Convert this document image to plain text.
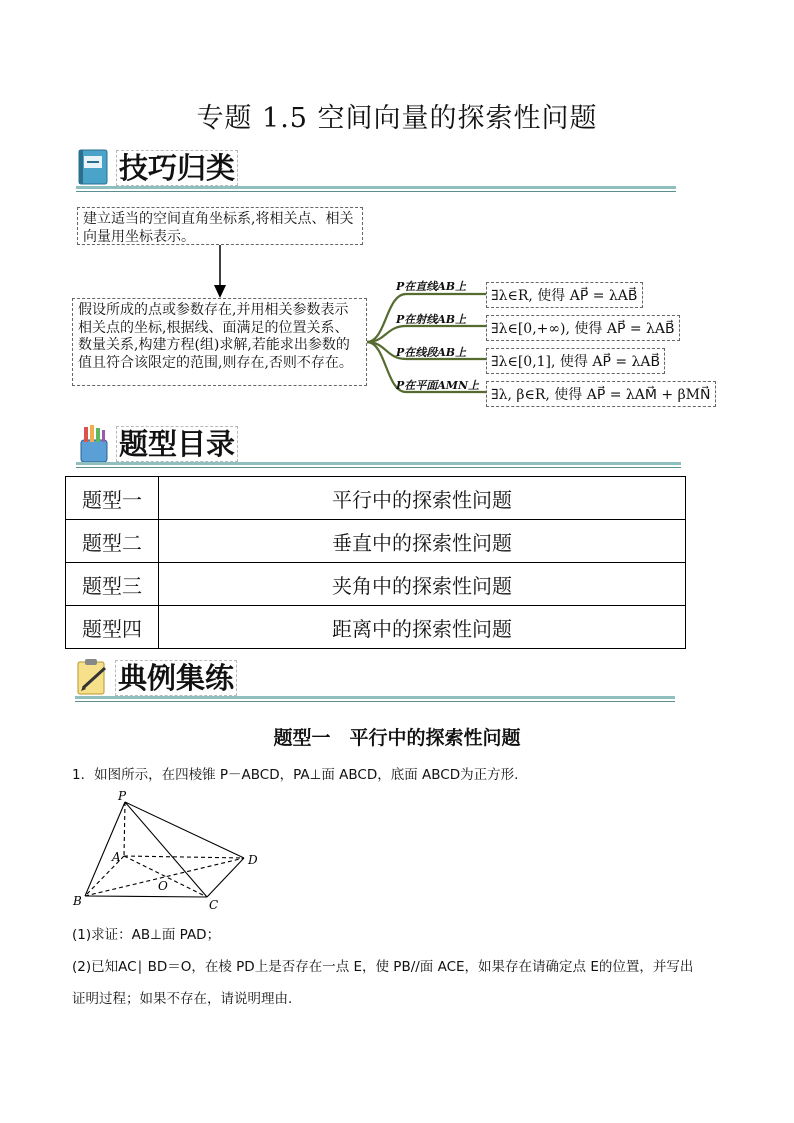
专题 1.5 空间向量的探索性问题
技巧归类
建立适当的空间直角坐标系,将相关点、相关向量用坐标表示。
假设所成的点或参数存在,并用相关参数表示相关点的坐标,根据线、面满足的位置关系、数量关系,构建方程(组)求解,若能求出参数的值且符合该限定的范围,则存在,否则不存在。
P在直线AB上
P在射线AB上
P在线段AB上
P在平面AMN上
∃λ∈R, 使得 AP⃗ = λAB⃗
∃λ∈[0,+∞), 使得 AP⃗ = λAB⃗
∃λ∈[0,1], 使得 AP⃗ = λAB⃗
∃λ, β∈R, 使得 AP⃗ = λAM⃗ + βMN⃗
题型目录
题型一	平行中的探索性问题
题型二	垂直中的探索性问题
题型三	夹角中的探索性问题
题型四	距离中的探索性问题
典例集练
题型一　平行中的探索性问题
1．如图所示，在四棱锥 P－ABCD，PA⊥面 ABCD，底面 ABCD为正方形.
P
A
B	C
D
O
(1)求证：AB⊥面 PAD；
(2)已知AC∣ BD＝O，在棱 PD上是否存在一点 E，使 PB//面 ACE，如果存在请确定点 E的位置，并写出
证明过程；如果不存在，请说明理由.
